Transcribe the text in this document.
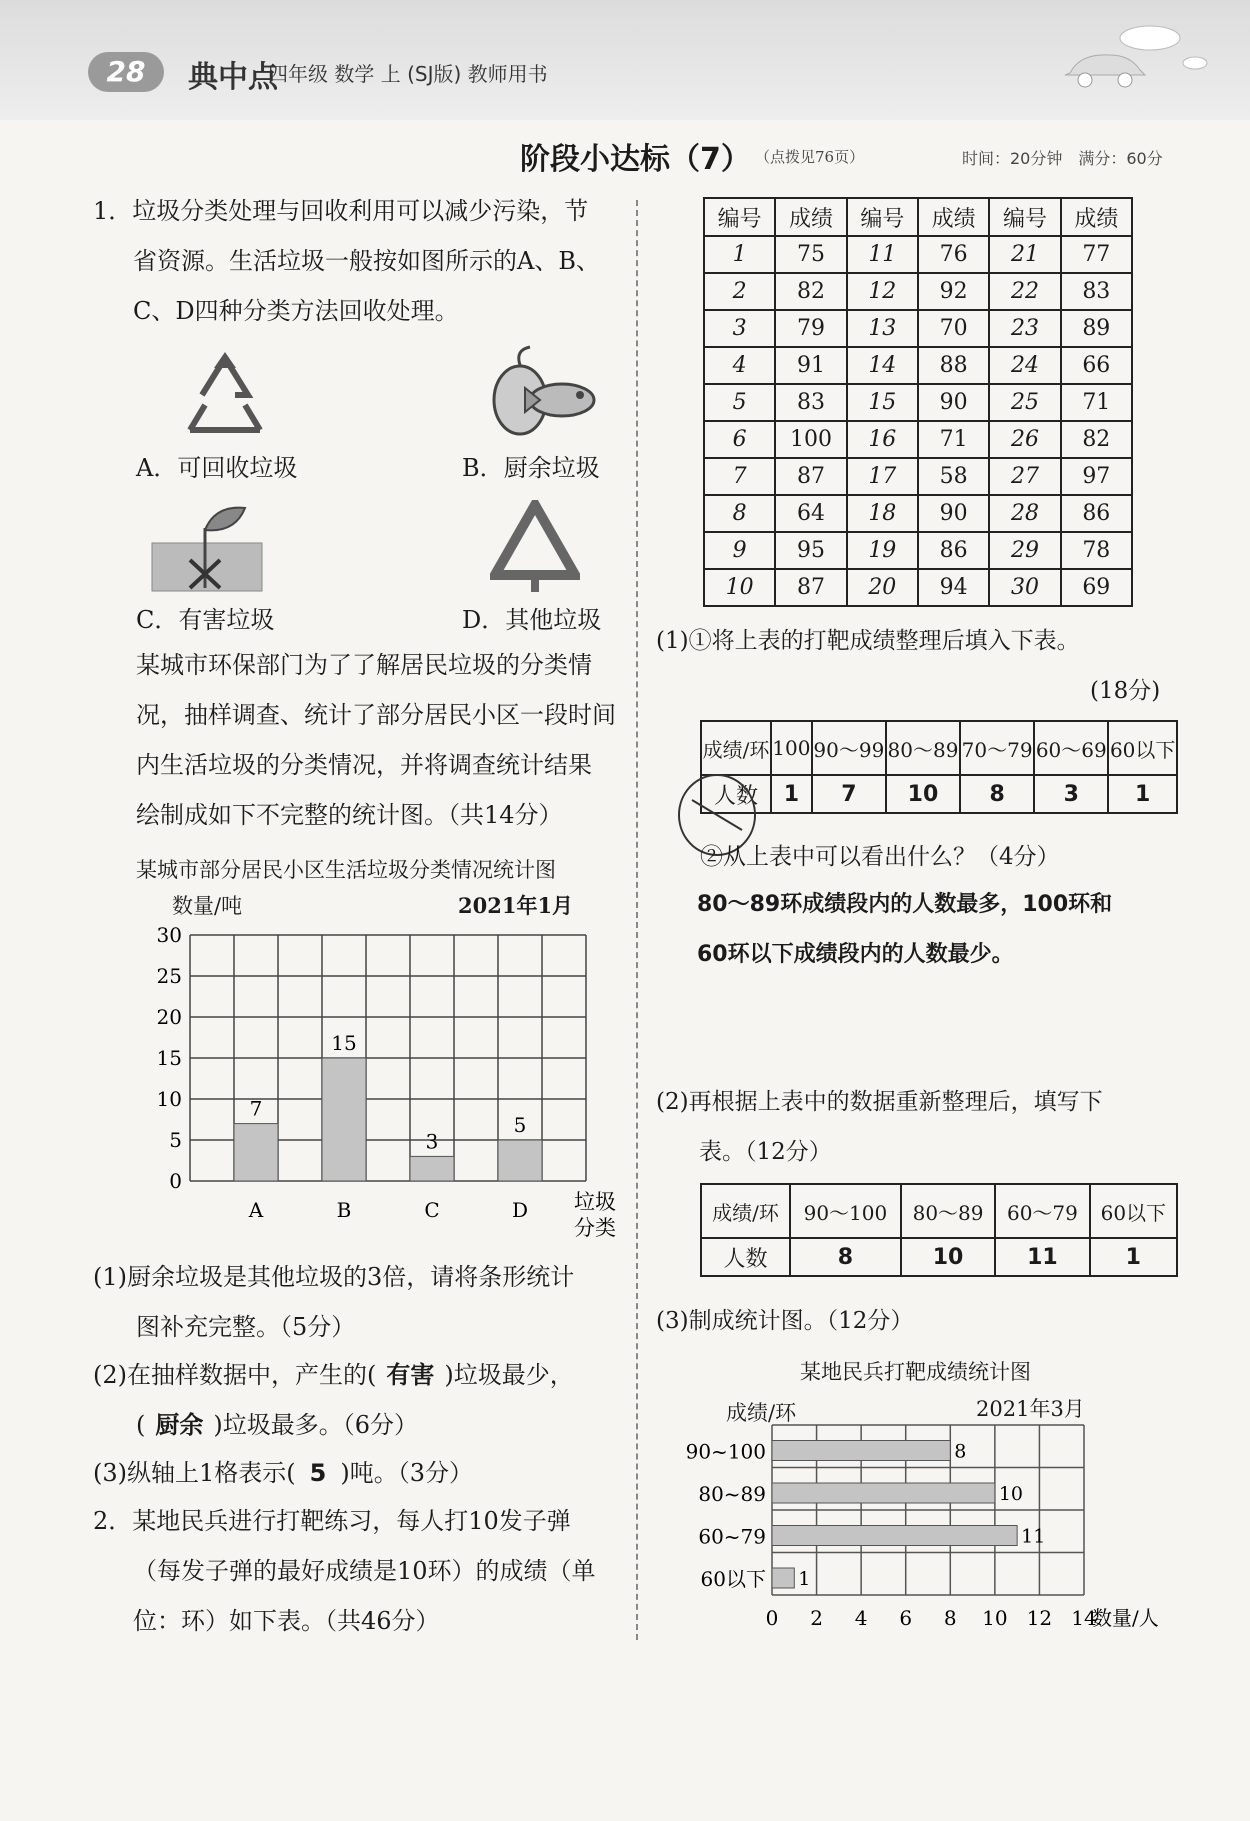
28	典中点
四年级 数学 上 (SJ版) 教师用书
阶段小达标（7） （点拨见76页）	时间：20分钟　满分：60分
1．垃圾分类处理与回收利用可以减少污染，节
省资源。生活垃圾一般按如图所示的A、B、
C、D四种分类方法回收处理。
A．可回收垃圾	B．厨余垃圾
C．有害垃圾	D．其他垃圾
某城市环保部门为了了解居民垃圾的分类情
况，抽样调查、统计了部分居民小区一段时间
内生活垃圾的分类情况，并将调查统计结果
绘制成如下不完整的统计图。（共14分）
某城市部分居民小区生活垃圾分类情况统计图
数量/吨	2021年1月
30
25
20
15
10
5
0
7
A
15
B
3
C
5
D 垃圾
分类
(1)厨余垃圾是其他垃圾的3倍，请将条形统计
图补充完整。（5分）
(2)在抽样数据中，产生的( 有害 )垃圾最少，
( 厨余 )垃圾最多。（6分）
(3)纵轴上1格表示( 5 )吨。（3分）
2．某地民兵进行打靶练习，每人打10发子弹
（每发子弹的最好成绩是10环）的成绩（单
位：环）如下表。（共46分）
编号	成绩	编号	成绩	编号	成绩
1	75	11	76	21	77
2	82	12	92	22	83
3	79	13	70	23	89
4	91	14	88	24	66
5	83	15	90	25	71
6	100	16	71	26	82
7	87	17	58	27	97
8	64	18	90	28	86
9	95	19	86	29	78
10	87	20	94	30	69
(1)①将上表的打靶成绩整理后填入下表。
(18分)
成绩/环	100	90～99	80～89	70～79	60～69	60以下
人数	1	7	10	8	3	1
②从上表中可以看出什么？（4分）
80～89环成绩段内的人数最多，100环和
60环以下成绩段内的人数最少。
(2)再根据上表中的数据重新整理后，填写下
表。（12分）
成绩/环	90～100	80～89	60～79	60以下
人数	8	10	11	1
(3)制成统计图。（12分）
某地民兵打靶成绩统计图
成绩/环	2021年3月
0 2 4 6 8 10 12 14
8
90~100
10
80~89
11
60~79
1
60以下
数量/人
